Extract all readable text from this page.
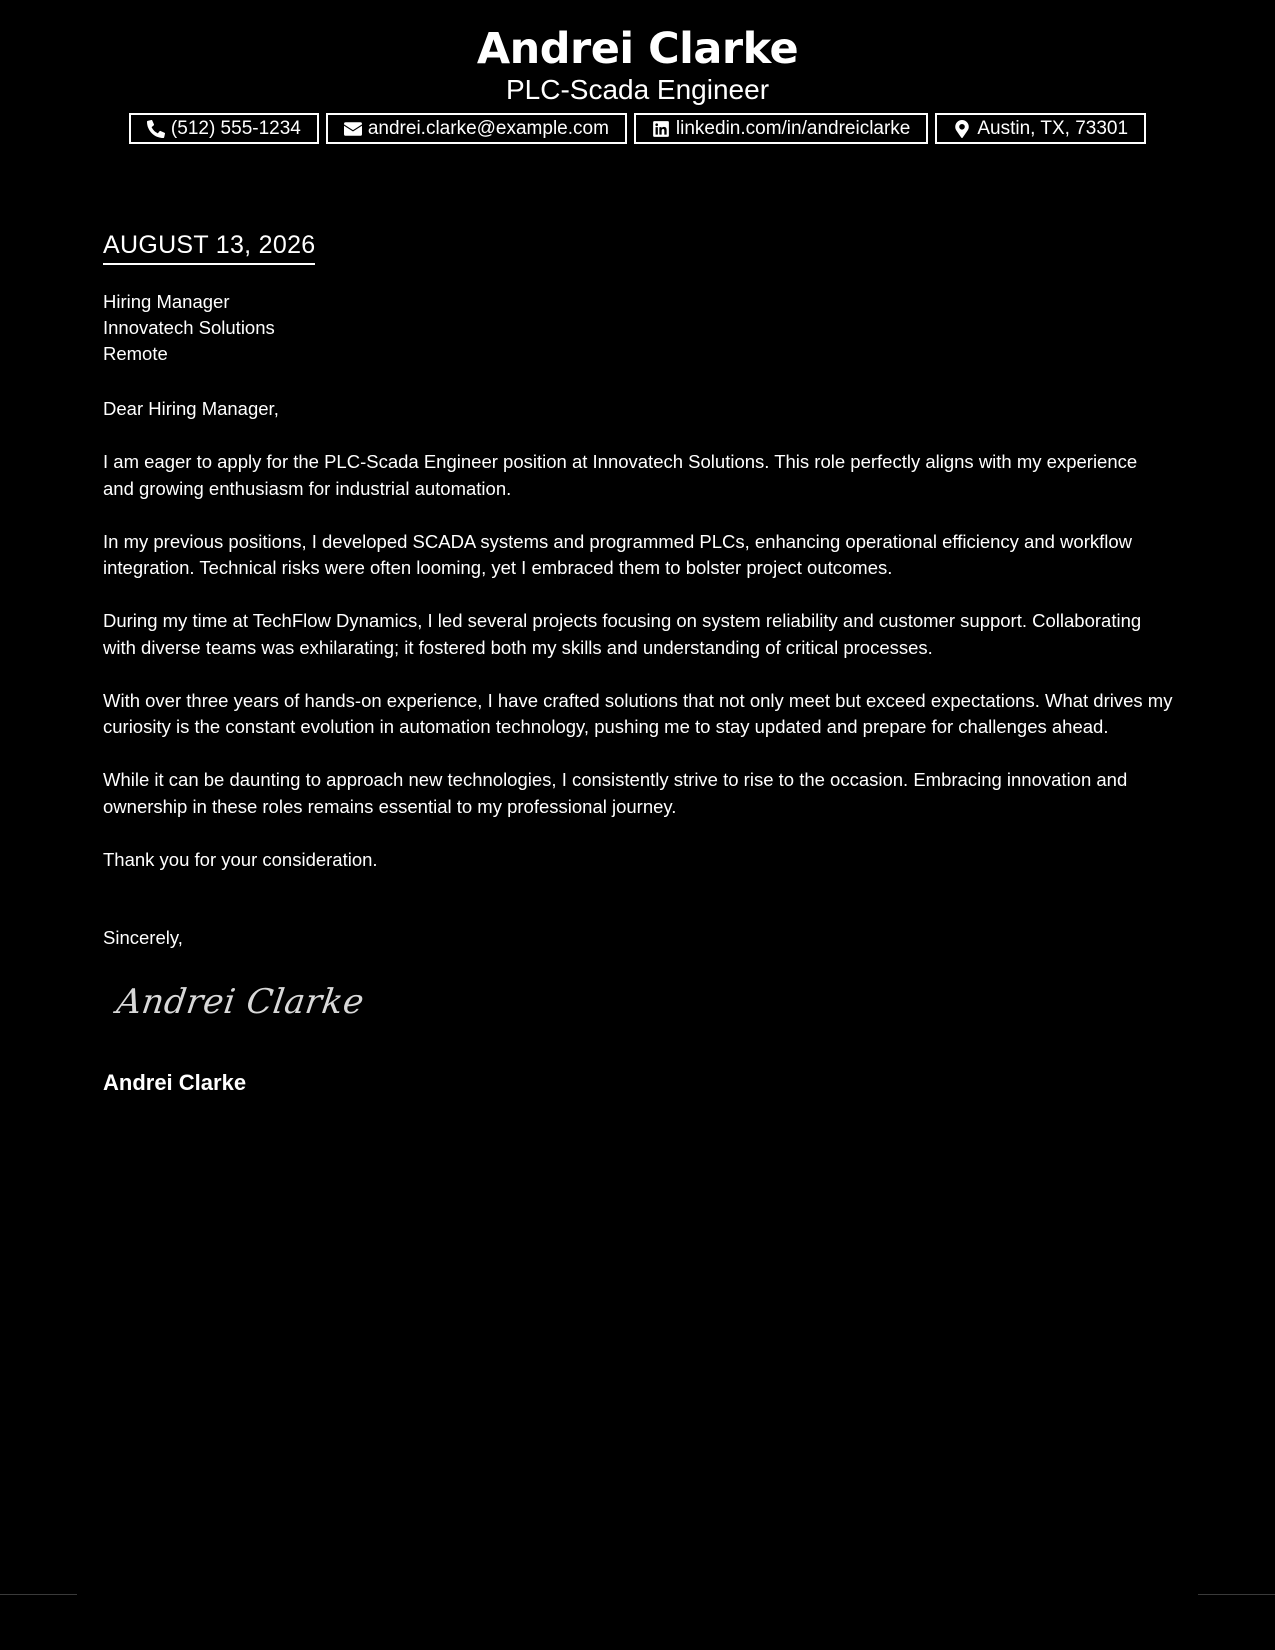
Andrei Clarke
PLC-Scada Engineer
(512) 555-1234	andrei.clarke@example.com	linkedin.com/in/andreiclarke	Austin, TX, 73301
AUGUST 13, 2026
Hiring Manager
Innovatech Solutions
Remote

Dear Hiring Manager,

I am eager to apply for the PLC-Scada Engineer position at Innovatech Solutions. This role perfectly aligns with my experience and growing enthusiasm for industrial automation.

In my previous positions, I developed SCADA systems and programmed PLCs, enhancing operational efficiency and workflow integration. Technical risks were often looming, yet I embraced them to bolster project outcomes.

During my time at TechFlow Dynamics, I led several projects focusing on system reliability and customer support. Collaborating with diverse teams was exhilarating; it fostered both my skills and understanding of critical processes.

With over three years of hands-on experience, I have crafted solutions that not only meet but exceed expectations. What drives my curiosity is the constant evolution in automation technology, pushing me to stay updated and prepare for challenges ahead.

While it can be daunting to approach new technologies, I consistently strive to rise to the occasion. Embracing innovation and ownership in these roles remains essential to my professional journey.

Thank you for your consideration.

Sincerely,
Andrei Clarke
Andrei Clarke
